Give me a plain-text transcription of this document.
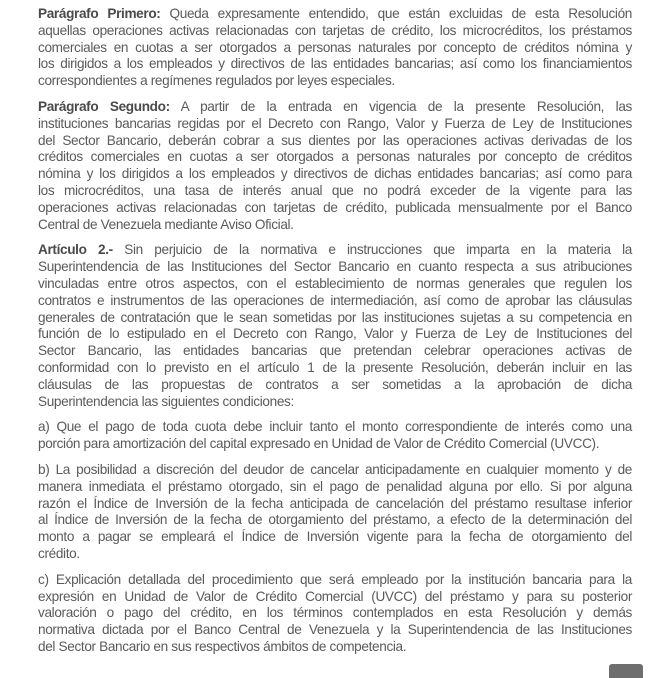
Parágrafo Primero: Queda expresamente entendido, que están excluidas de esta Resolución
aquellas operaciones activas relacionadas con tarjetas de crédito, los microcréditos, los préstamos
comerciales en cuotas a ser otorgados a personas naturales por concepto de créditos nómina y
los dirigidos a los empleados y directivos de las entidades bancarias; así como los financiamientos
correspondientes a regímenes regulados por leyes especiales.
Parágrafo Segundo: A partir de la entrada en vigencia de la presente Resolución, las
instituciones bancarias regidas por el Decreto con Rango, Valor y Fuerza de Ley de Instituciones
del Sector Bancario, deberán cobrar a sus dientes por las operaciones activas derivadas de los
créditos comerciales en cuotas a ser otorgados a personas naturales por concepto de créditos
nómina y los dirigidos a los empleados y directivos de dichas entidades bancarias; así como para
los microcréditos, una tasa de interés anual que no podrá exceder de la vigente para las
operaciones activas relacionadas con tarjetas de crédito, publicada mensualmente por el Banco
Central de Venezuela mediante Aviso Oficial.
Artículo 2.- Sin perjuicio de la normativa e instrucciones que imparta en la materia la
Superintendencia de las Instituciones del Sector Bancario en cuanto respecta a sus atribuciones
vinculadas entre otros aspectos, con el establecimiento de normas generales que regulen los
contratos e instrumentos de las operaciones de intermediación, así como de aprobar las cláusulas
generales de contratación que le sean sometidas por las instituciones sujetas a su competencia en
función de lo estipulado en el Decreto con Rango, Valor y Fuerza de Ley de Instituciones del
Sector Bancario, las entidades bancarias que pretendan celebrar operaciones activas de
conformidad con lo previsto en el artículo 1 de la presente Resolución, deberán incluir en las
cláusulas de las propuestas de contratos a ser sometidas a la aprobación de dicha
Superintendencia las siguientes condiciones:
a) Que el pago de toda cuota debe incluir tanto el monto correspondiente de interés como una
porción para amortización del capital expresado en Unidad de Valor de Crédito Comercial (UVCC).
b) La posibilidad a discreción del deudor de cancelar anticipadamente en cualquier momento y de
manera inmediata el préstamo otorgado, sin el pago de penalidad alguna por ello. Si por alguna
razón el Índice de Inversión de la fecha anticipada de cancelación del préstamo resultase inferior
al Índice de Inversión de la fecha de otorgamiento del préstamo, a efecto de la determinación del
monto a pagar se empleará el Índice de Inversión vigente para la fecha de otorgamiento del
crédito.
c) Explicación detallada del procedimiento que será empleado por la institución bancaria para la
expresión en Unidad de Valor de Crédito Comercial (UVCC) del préstamo y para su posterior
valoración o pago del crédito, en los términos contemplados en esta Resolución y demás
normativa dictada por el Banco Central de Venezuela y la Superintendencia de las Instituciones
del Sector Bancario en sus respectivos ámbitos de competencia.
